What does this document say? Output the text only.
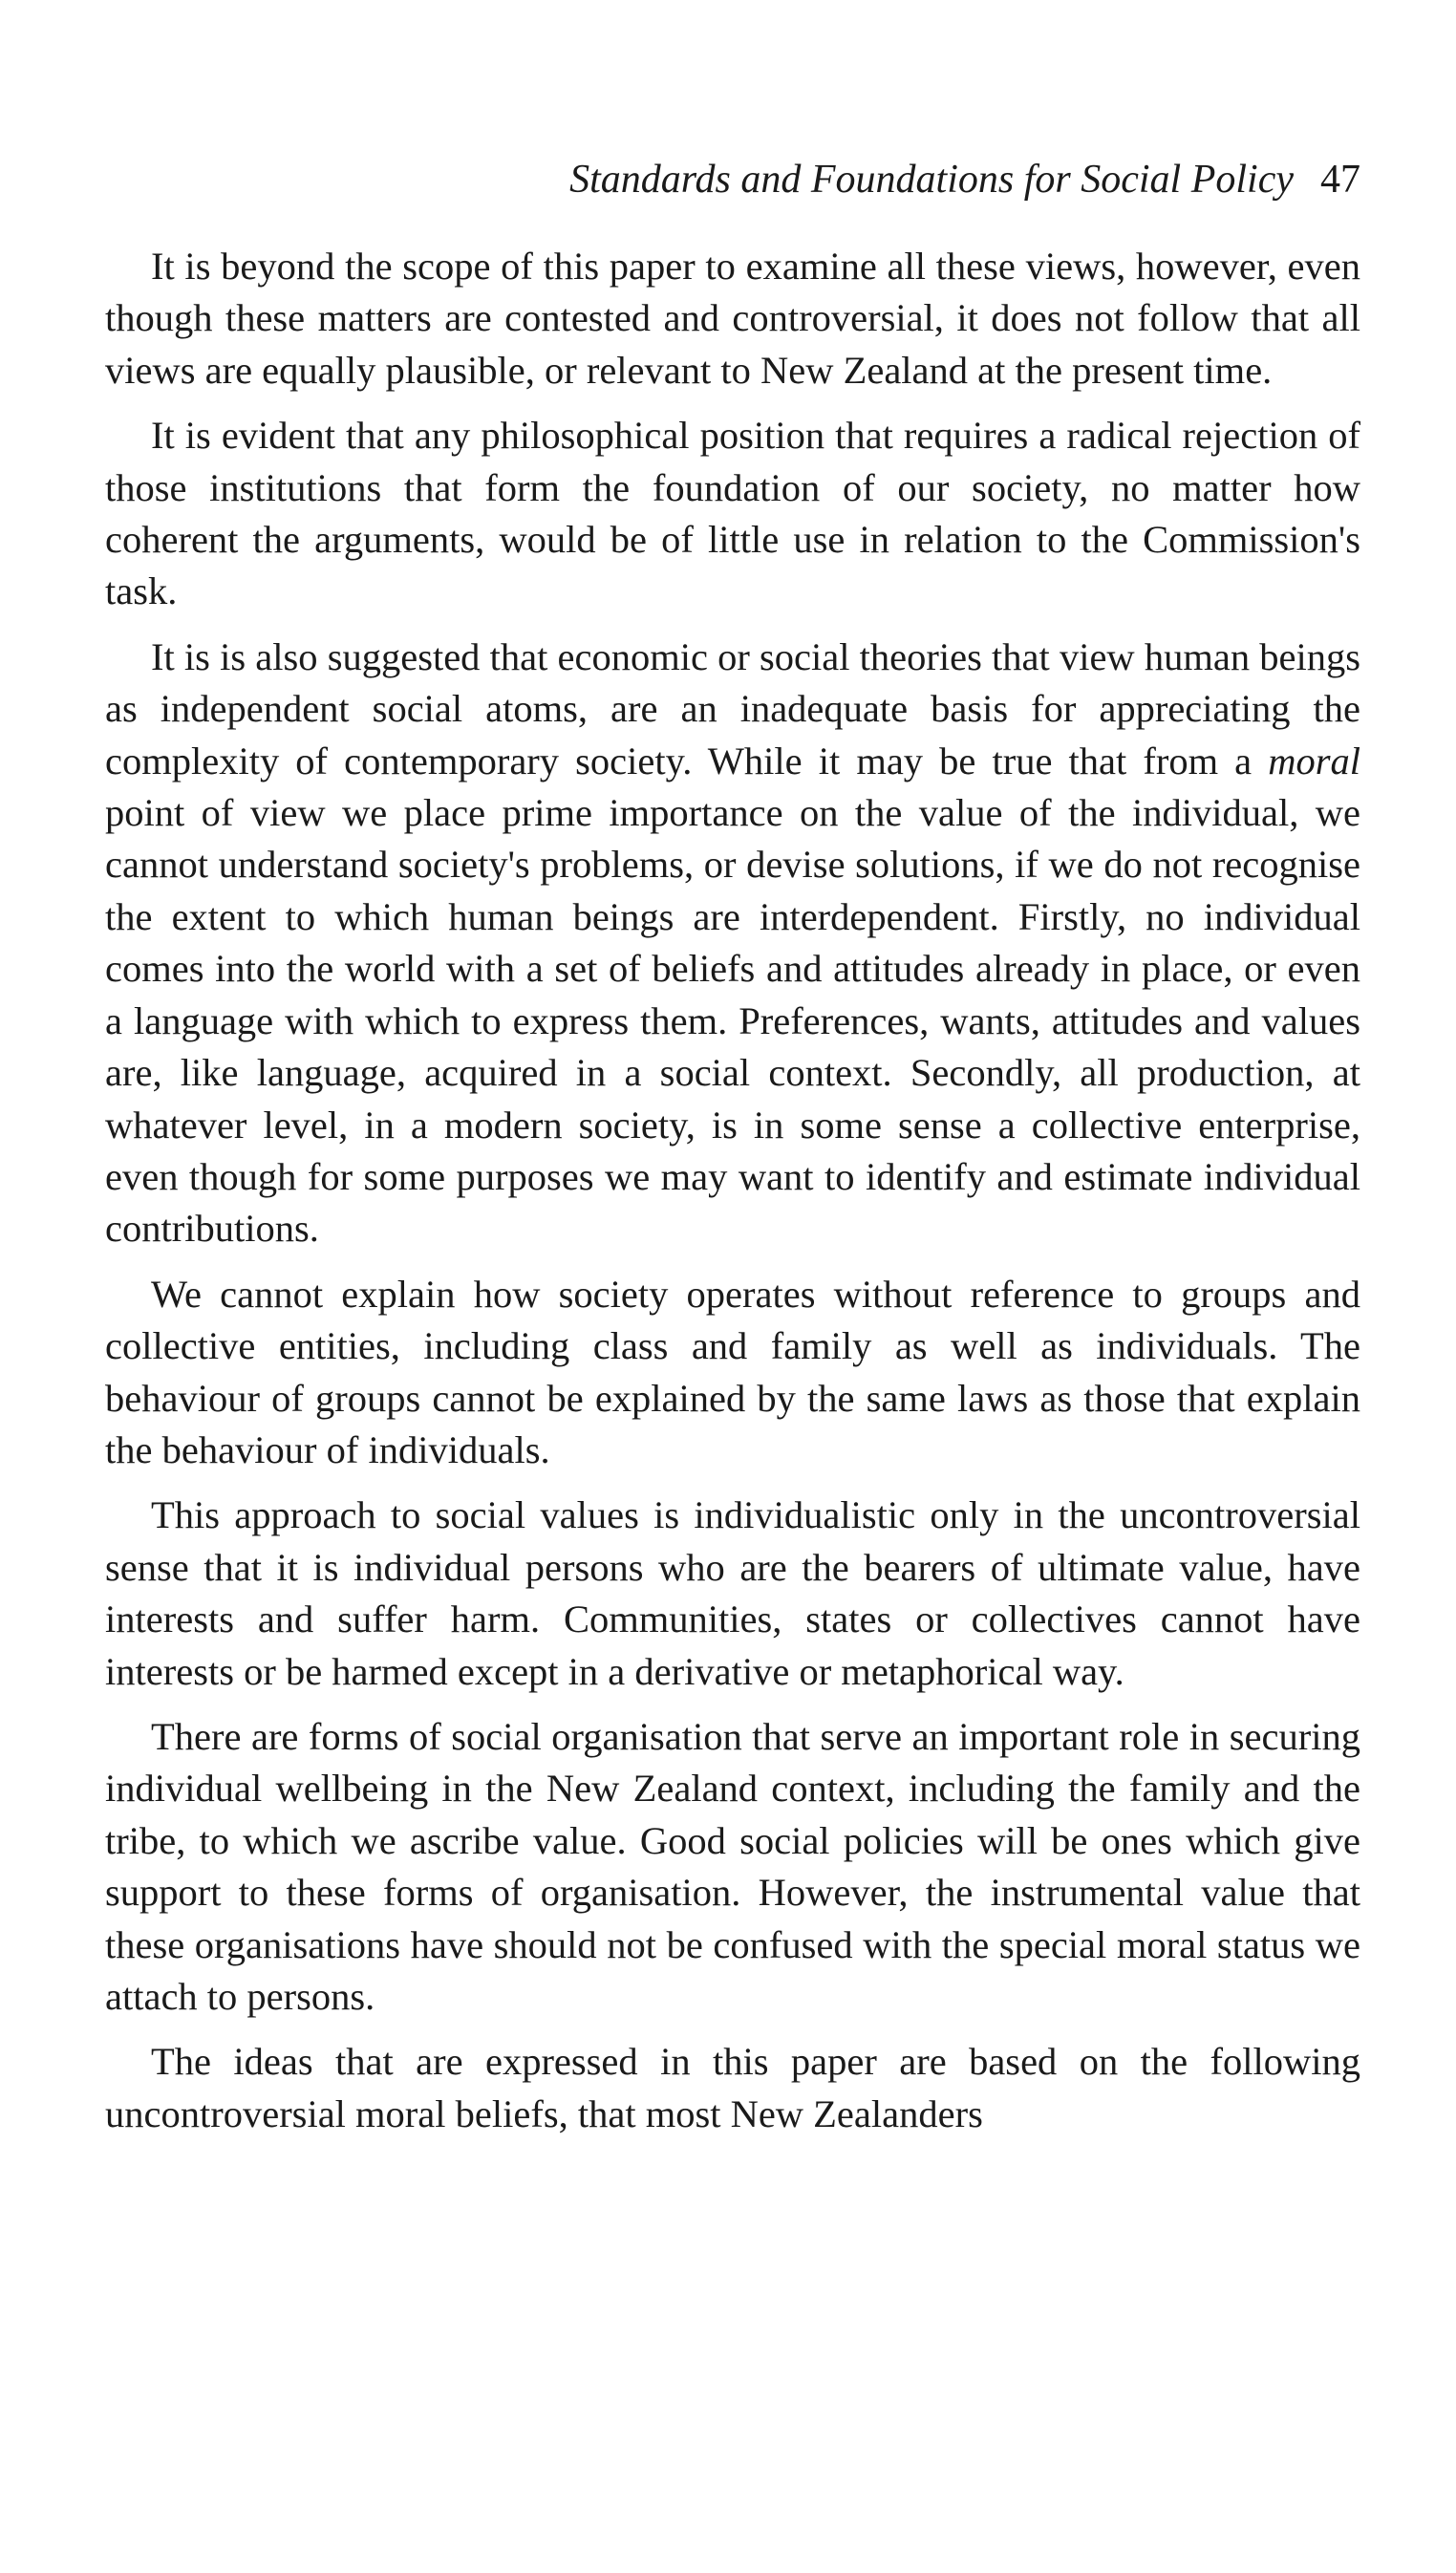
Standards and Foundations for Social Policy 47

It is beyond the scope of this paper to examine all these views, however, even though these matters are contested and controversial, it does not follow that all views are equally plausible, or relevant to New Zealand at the present time.

It is evident that any philosophical position that requires a radical rejection of those institutions that form the foundation of our society, no matter how coherent the arguments, would be of little use in relation to the Commission's task.

It is is also suggested that economic or social theories that view human beings as independent social atoms, are an inadequate basis for appreciating the complexity of contemporary society. While it may be true that from a moral point of view we place prime importance on the value of the individual, we cannot understand society's problems, or devise solutions, if we do not recognise the extent to which human beings are interdependent. Firstly, no individual comes into the world with a set of beliefs and attitudes already in place, or even a language with which to express them. Preferences, wants, attitudes and values are, like language, acquired in a social context. Secondly, all production, at whatever level, in a modern society, is in some sense a collective enterprise, even though for some purposes we may want to identify and estimate individual contributions.

We cannot explain how society operates without reference to groups and collective entities, including class and family as well as individuals. The behaviour of groups cannot be explained by the same laws as those that explain the behaviour of individuals.

This approach to social values is individualistic only in the uncontroversial sense that it is individual persons who are the bearers of ultimate value, have interests and suffer harm. Communities, states or collectives cannot have interests or be harmed except in a derivative or metaphorical way.

There are forms of social organisation that serve an important role in securing individual wellbeing in the New Zealand context, including the family and the tribe, to which we ascribe value. Good social policies will be ones which give support to these forms of organisation. However, the instrumental value that these organisations have should not be confused with the special moral status we attach to persons.

The ideas that are expressed in this paper are based on the following uncontroversial moral beliefs, that most New Zealanders
